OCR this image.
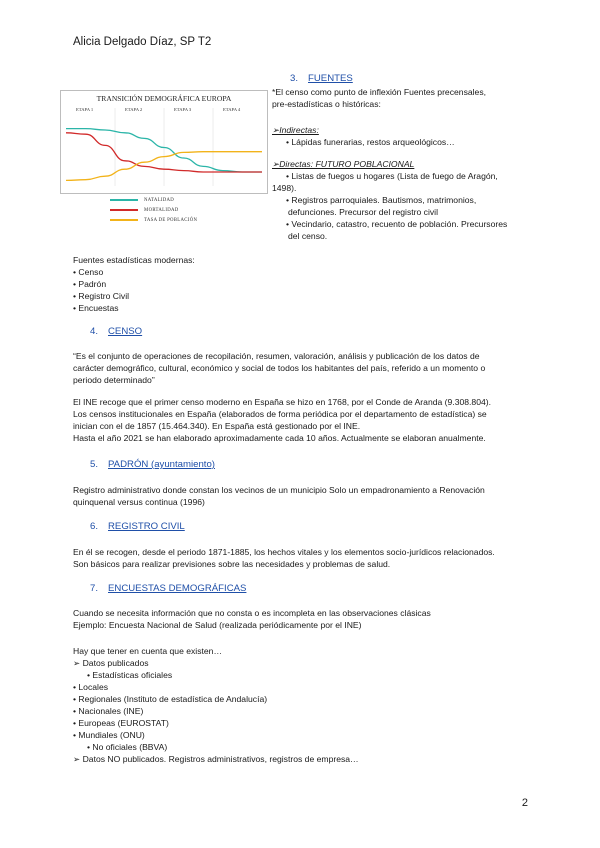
Alicia Delgado Díaz, SP T2
TRANSICIÓN DEMOGRÁFICA EUROPA
ETAPA 1	ETAPA 2	ETAPA 3	ETAPA 4
NATALIDAD
MORTALIDAD
TASA DE POBLACIÓN
3. FUENTES
*El censo como punto de inflexión Fuentes precensales,
pre-estadísticas o históricas:
➢Indirectas:
• Lápidas funerarias, restos arqueológicos…
➢Directas: FUTURO POBLACIONAL
• Listas de fuegos u hogares (Lista de fuego de Aragón,
1498).
• Registros parroquiales. Bautismos, matrimonios,
defunciones. Precursor del registro civil
• Vecindario, catastro, recuento de población. Precursores
del censo.
Fuentes estadísticas modernas:
• Censo
• Padrón
• Registro Civil
• Encuestas
4. CENSO
“Es el conjunto de operaciones de recopilación, resumen, valoración, análisis y publicación de los datos de
carácter demográfico, cultural, económico y social de todos los habitantes del país, referido a un momento o
periodo determinado”
El INE recoge que el primer censo moderno en España se hizo en 1768, por el Conde de Aranda (9.308.804).
Los censos institucionales en España (elaborados de forma periódica por el departamento de estadística) se
inician con el de 1857 (15.464.340). En España está gestionado por el INE.
Hasta el año 2021 se han elaborado aproximadamente cada 10 años. Actualmente se elaboran anualmente.
5. PADRÓN (ayuntamiento)
Registro administrativo donde constan los vecinos de un municipio Solo un empadronamiento a Renovación
quinquenal versus continua (1996)
6. REGISTRO CIVIL
En él se recogen, desde el periodo 1871-1885, los hechos vitales y los elementos socio-jurídicos relacionados.
Son básicos para realizar previsiones sobre las necesidades y problemas de salud.
7. ENCUESTAS DEMOGRÁFICAS
Cuando se necesita información que no consta o es incompleta en las observaciones clásicas
Ejemplo: Encuesta Nacional de Salud (realizada periódicamente por el INE)
Hay que tener en cuenta que existen…
➢ Datos publicados
• Estadísticas oficiales
• Locales
• Regionales (Instituto de estadística de Andalucía)
• Nacionales (INE)
• Europeas (EUROSTAT)
• Mundiales (ONU)
• No oficiales (BBVA)
➢ Datos NO publicados. Registros administrativos, registros de empresa…
2
